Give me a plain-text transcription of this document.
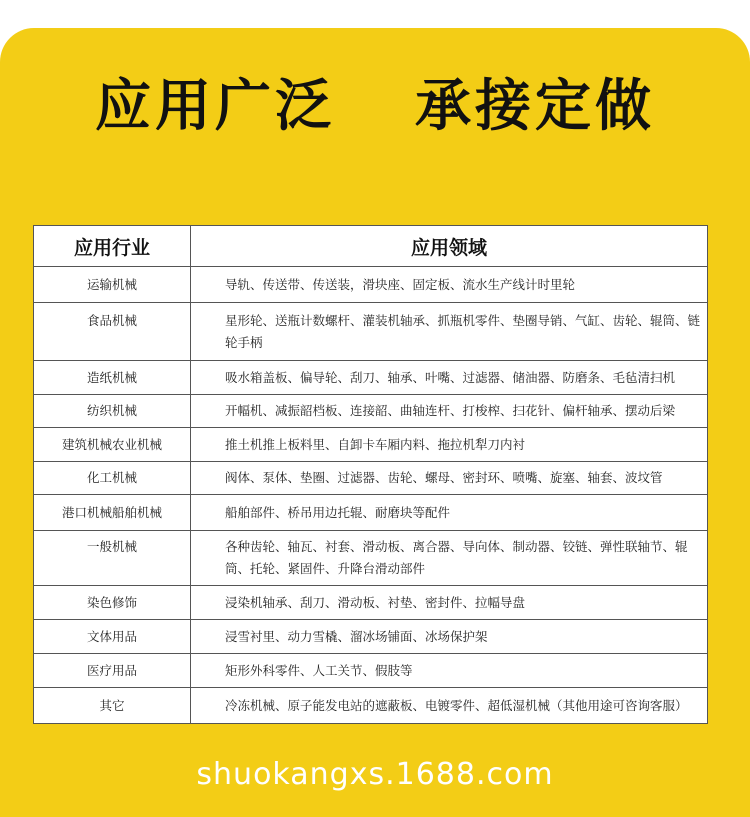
应用广泛 承接定做
应用行业	应用领域
运输机械	导轨、传送带、传送装，滑块座、固定板、流水生产线计时里轮
食品机械	星形轮、送瓶计数螺杆、灌装机轴承、抓瓶机零件、垫圈导销、气缸、齿轮、辊筒、链轮手柄
造纸机械	吸水箱盖板、偏导轮、刮刀、轴承、叶嘴、过滤器、储油器、防磨条、毛毡清扫机
纺织机械	开幅机、减振韶档板、连接韶、曲轴连杆、打梭榨、扫花针、偏杆轴承、摆动后梁
建筑机械农业机械	推土机推上板料里、自卸卡车厢内料、拖拉机犁刀内衬
化工机械	阀体、泵体、垫圈、过滤器、齿轮、螺母、密封环、喷嘴、旋塞、轴套、波坟管
港口机械船舶机械	船舶部件、桥吊用边托辊、耐磨块等配件
一般机械	各种齿轮、轴瓦、衬套、滑动板、离合器、导向体、制动器、铰链、弹性联轴节、辊筒、托轮、紧固件、升降台滑动部件
染色修饰	浸染机轴承、刮刀、滑动板、衬垫、密封件、拉幅导盘
文体用品	浸雪衬里、动力雪橇、溜冰场铺面、冰场保护架
医疗用品	矩形外科零件、人工关节、假肢等
其它	冷冻机械、原子能发电站的遮蔽板、电镀零件、超低湿机械（其他用途可咨询客服）
shuokangxs.1688.com
